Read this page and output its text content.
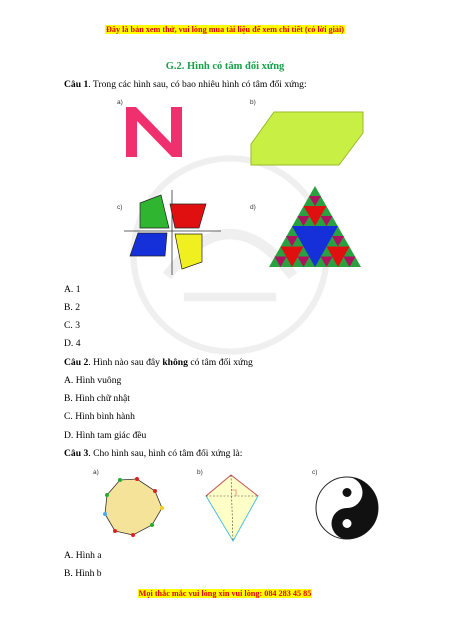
Đây là bản xem thử, vui lòng mua tài liệu để xem chi tiết (có lời giải)
G.2. Hình có tâm đối xứng
Câu 1. Trong các hình sau, có bao nhiêu hình có tâm đối xứng:
a)	b)
c)	d)
A. 1
B. 2
C. 3
D. 4
Câu 2. Hình nào sau đây không có tâm đối xứng
A. Hình vuông
B. Hình chữ nhật
C. Hình bình hành
D. Hình tam giác đều
Câu 3. Cho hình sau, hình có tâm đối xứng là:
a)	b)	c)
A. Hình a
B. Hình b
Mọi thắc mắc vui lòng xin vui lòng: 084 283 45 85
